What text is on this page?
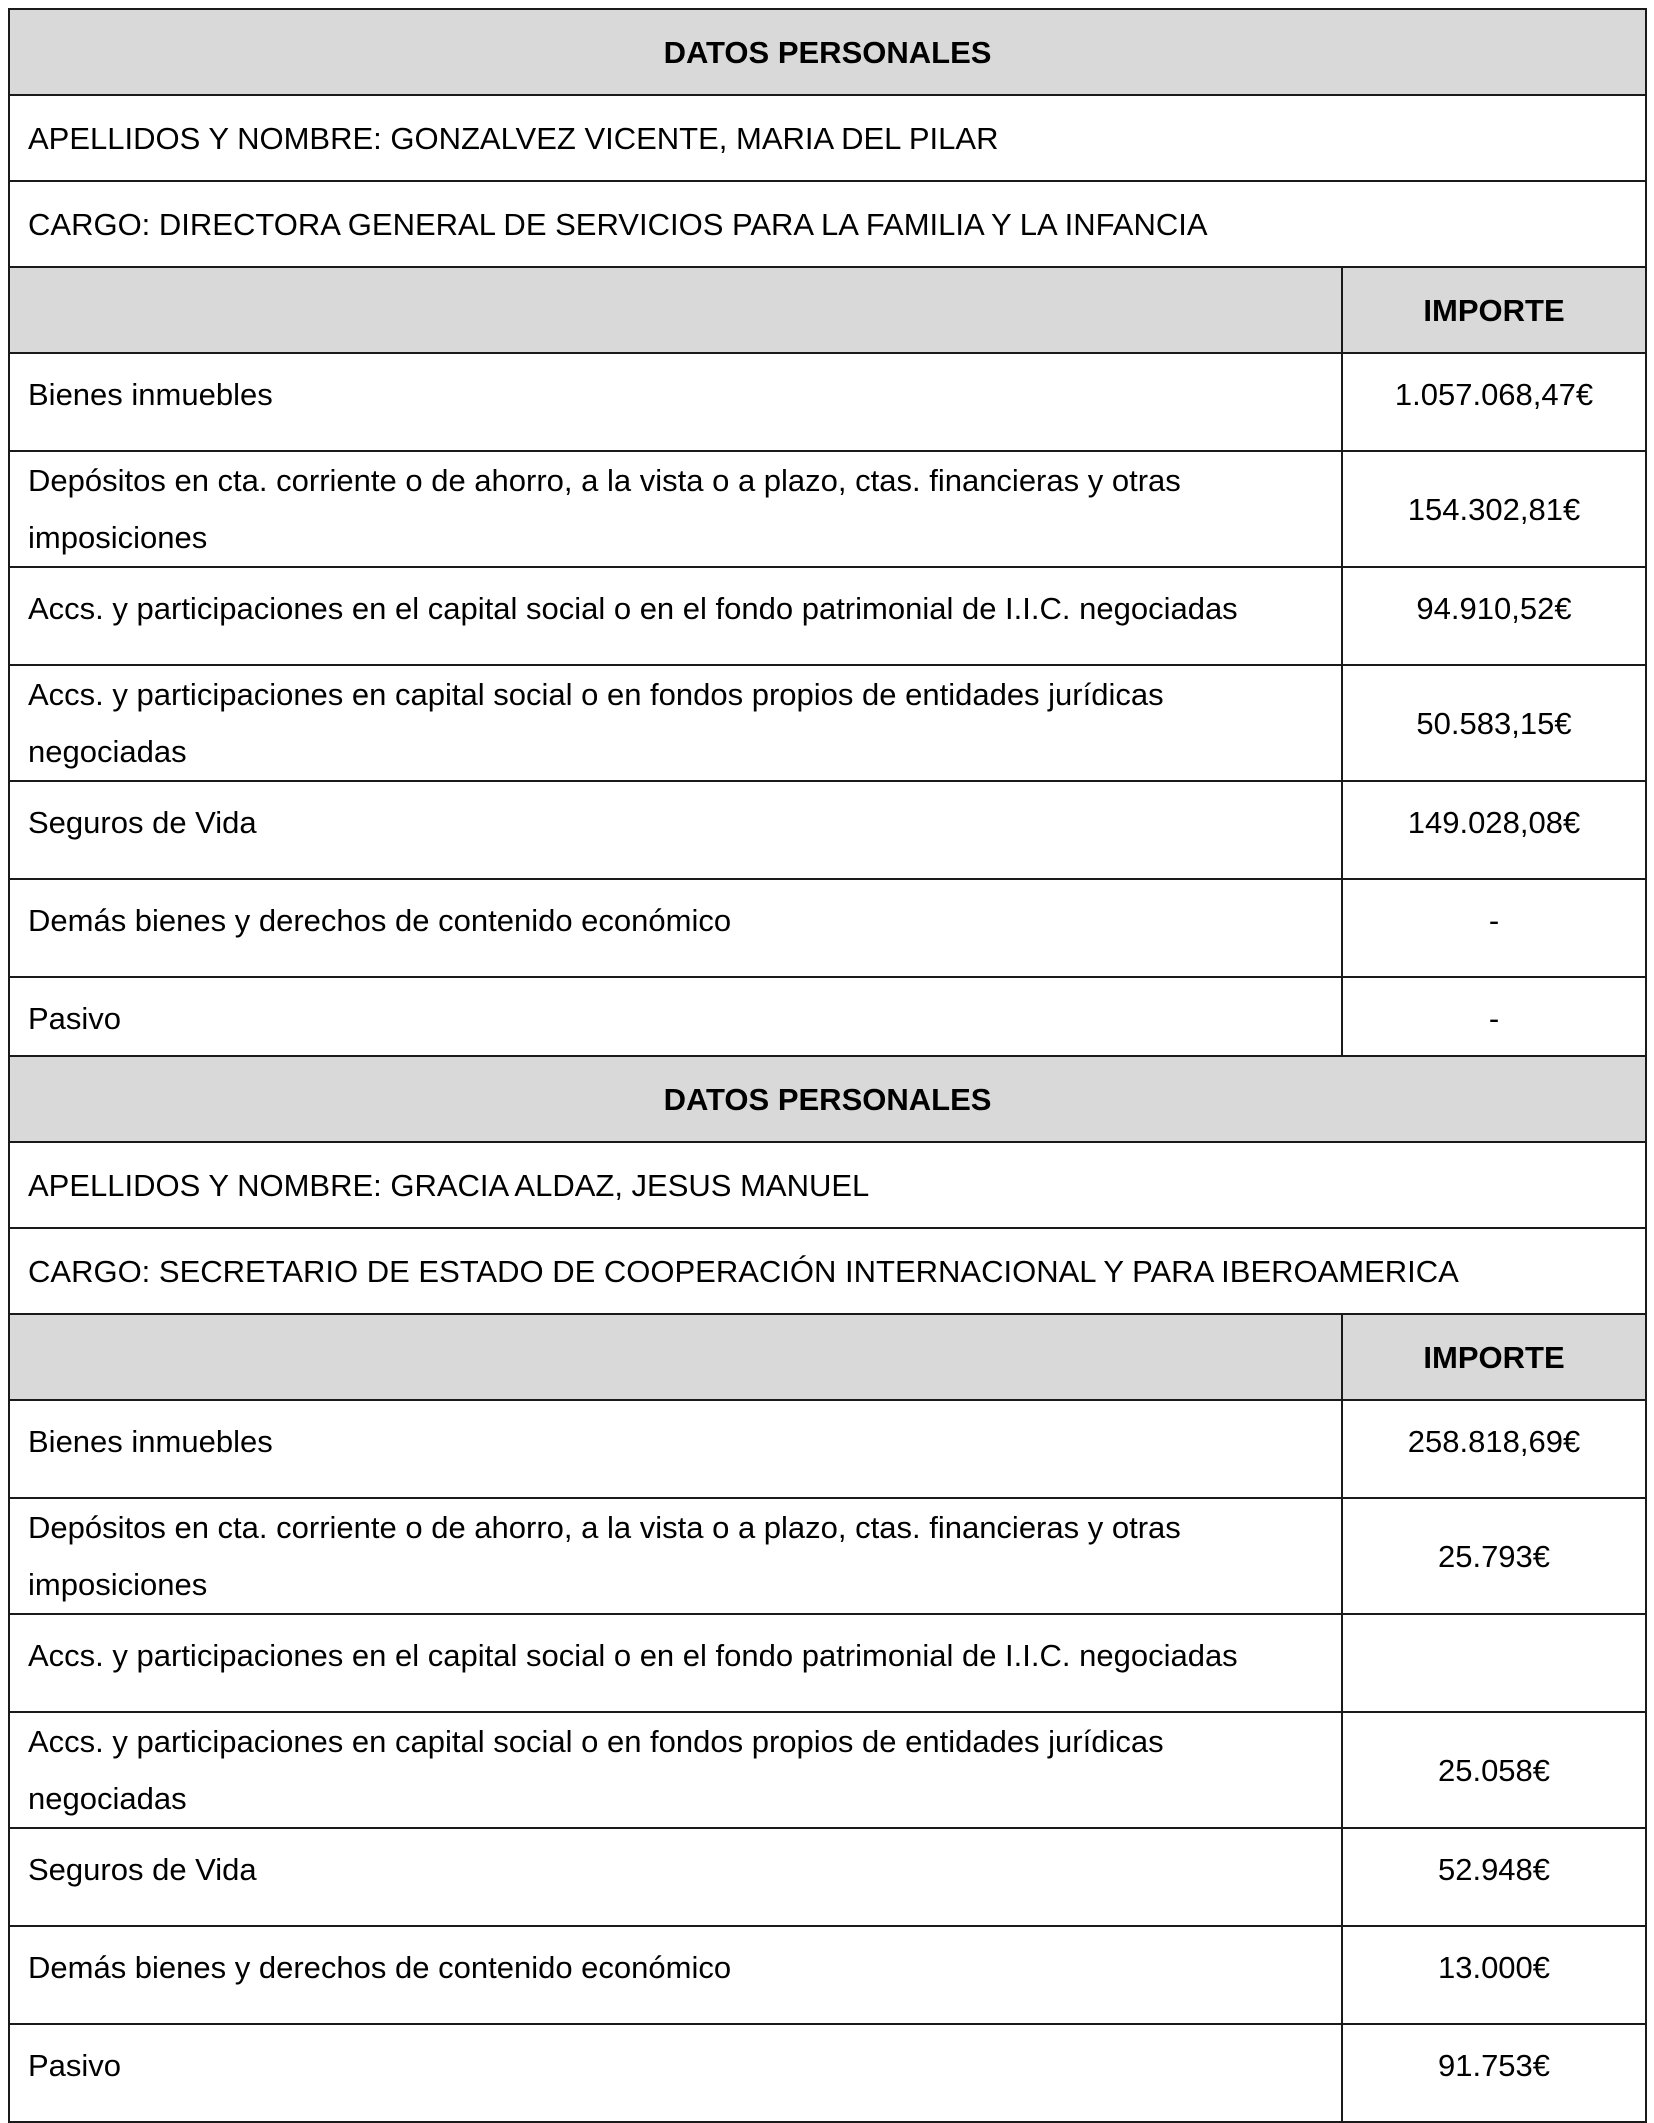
DATOS PERSONALES	
APELLIDOS Y NOMBRE: GONZALVEZ VICENTE, MARIA DEL PILAR	
CARGO: DIRECTORA GENERAL DE SERVICIOS PARA LA FAMILIA Y LA INFANCIA	
	IMPORTE
Bienes inmuebles	1.057.068,47€
Depósitos en cta. corriente o de ahorro, a la vista o a plazo, ctas. financieras y otras imposiciones	154.302,81€
Accs. y participaciones en el capital social o en el fondo patrimonial de I.I.C. negociadas	94.910,52€
Accs. y participaciones en capital social o en fondos propios de entidades jurídicas negociadas	50.583,15€
Seguros de Vida	149.028,08€
Demás bienes y derechos de contenido económico	-
Pasivo	-
DATOS PERSONALES	
APELLIDOS Y NOMBRE: GRACIA ALDAZ, JESUS MANUEL	
CARGO: SECRETARIO DE ESTADO DE COOPERACIÓN INTERNACIONAL Y PARA IBEROAMERICA	
	IMPORTE
Bienes inmuebles	258.818,69€
Depósitos en cta. corriente o de ahorro, a la vista o a plazo, ctas. financieras y otras imposiciones	25.793€
Accs. y participaciones en el capital social o en el fondo patrimonial de I.I.C. negociadas	
Accs. y participaciones en capital social o en fondos propios de entidades jurídicas negociadas	25.058€
Seguros de Vida	52.948€
Demás bienes y derechos de contenido económico	13.000€
Pasivo	91.753€
